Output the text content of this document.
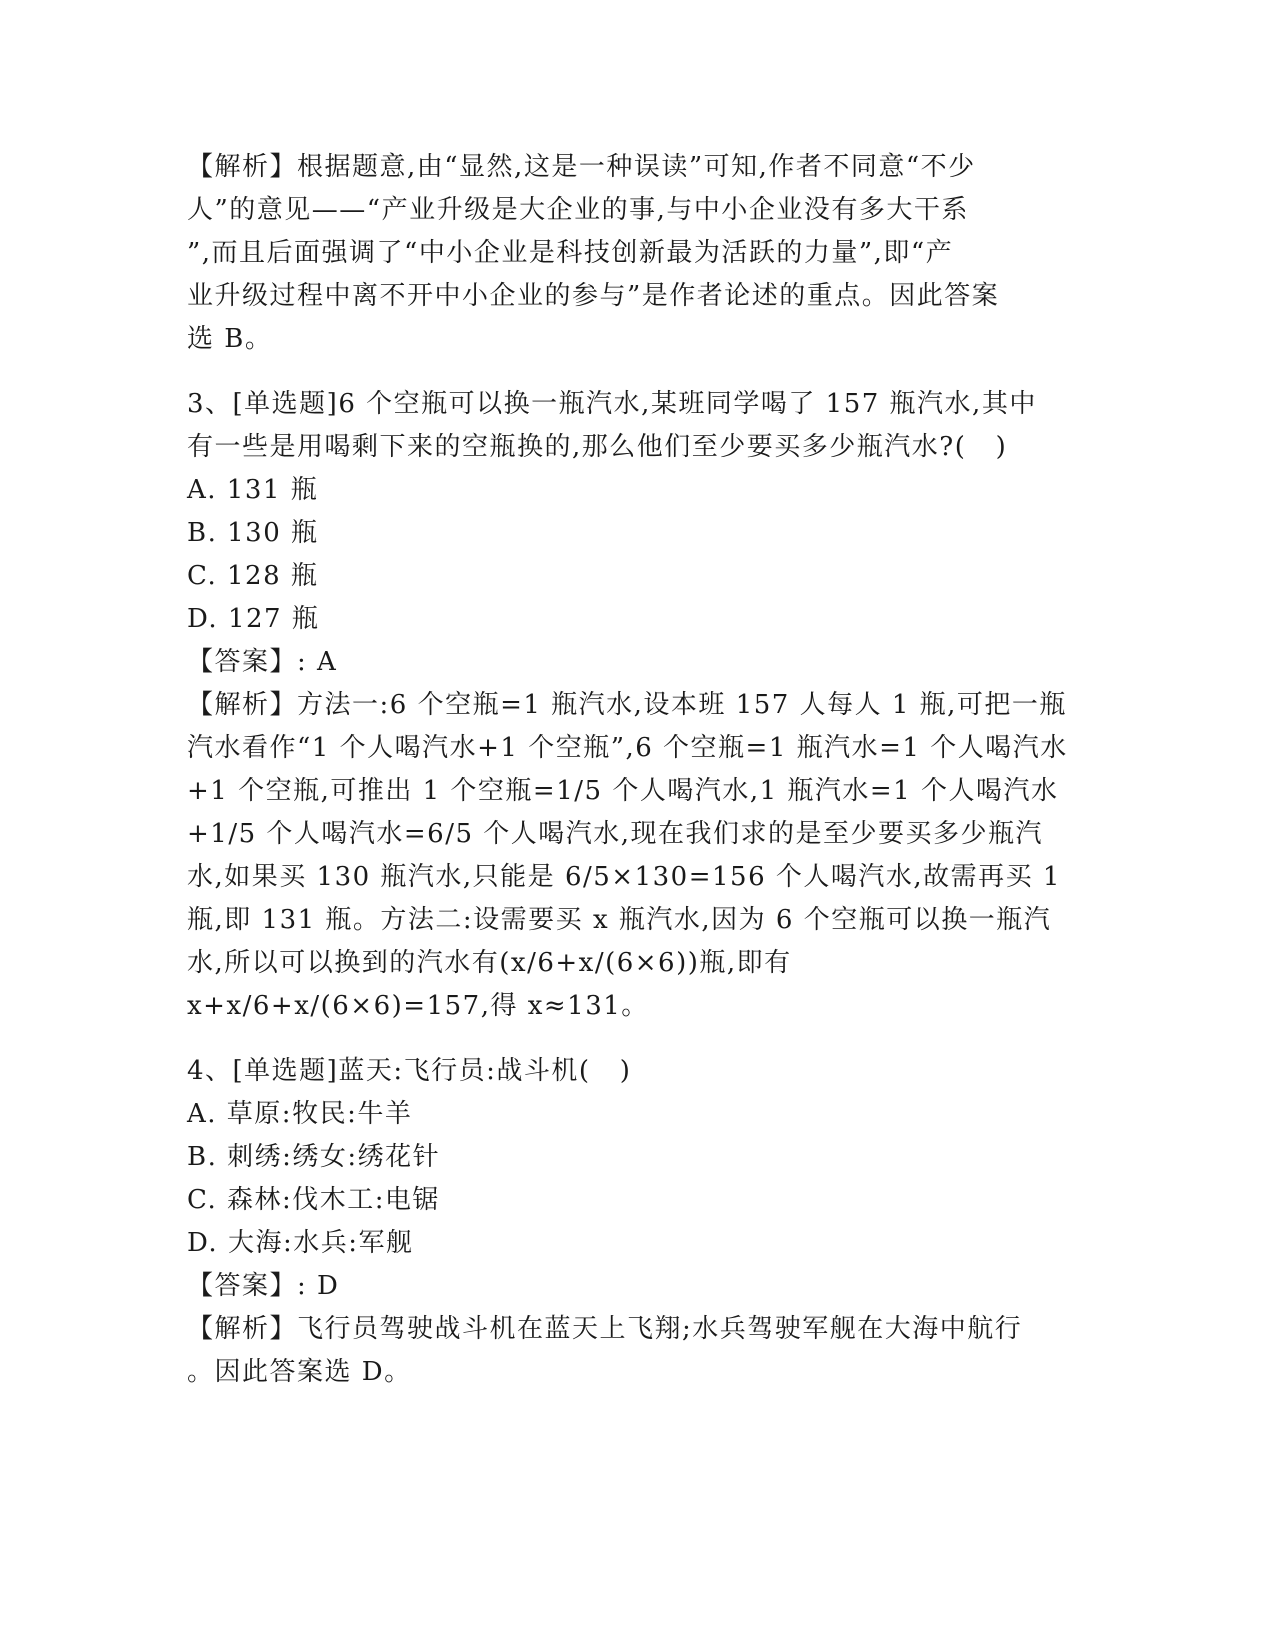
【解析】根据题意,由“显然,这是一种误读”可知,作者不同意“不少
人”的意见——“产业升级是大企业的事,与中小企业没有多大干系
”,而且后面强调了“中小企业是科技创新最为活跃的力量”,即“产
业升级过程中离不开中小企业的参与”是作者论述的重点。因此答案
选 B。
3、[单选题]6 个空瓶可以换一瓶汽水,某班同学喝了 157 瓶汽水,其中
有一些是用喝剩下来的空瓶换的,那么他们至少要买多少瓶汽水?(   )
A. 131 瓶
B. 130 瓶
C. 128 瓶
D. 127 瓶
【答案】: A
【解析】方法一:6 个空瓶=1 瓶汽水,设本班 157 人每人 1 瓶,可把一瓶
汽水看作“1 个人喝汽水+1 个空瓶”,6 个空瓶=1 瓶汽水=1 个人喝汽水
+1 个空瓶,可推出 1 个空瓶=1/5 个人喝汽水,1 瓶汽水=1 个人喝汽水
+1/5 个人喝汽水=6/5 个人喝汽水,现在我们求的是至少要买多少瓶汽
水,如果买 130 瓶汽水,只能是 6/5×130=156 个人喝汽水,故需再买 1
瓶,即 131 瓶。方法二:设需要买 x 瓶汽水,因为 6 个空瓶可以换一瓶汽
水,所以可以换到的汽水有(x/6+x/(6×6))瓶,即有
x+x/6+x/(6×6)=157,得 x≈131。
4、[单选题]蓝天:飞行员:战斗机(   )
A. 草原:牧民:牛羊
B. 刺绣:绣女:绣花针
C. 森林:伐木工:电锯
D. 大海:水兵:军舰
【答案】: D
【解析】飞行员驾驶战斗机在蓝天上飞翔;水兵驾驶军舰在大海中航行
。因此答案选 D。
